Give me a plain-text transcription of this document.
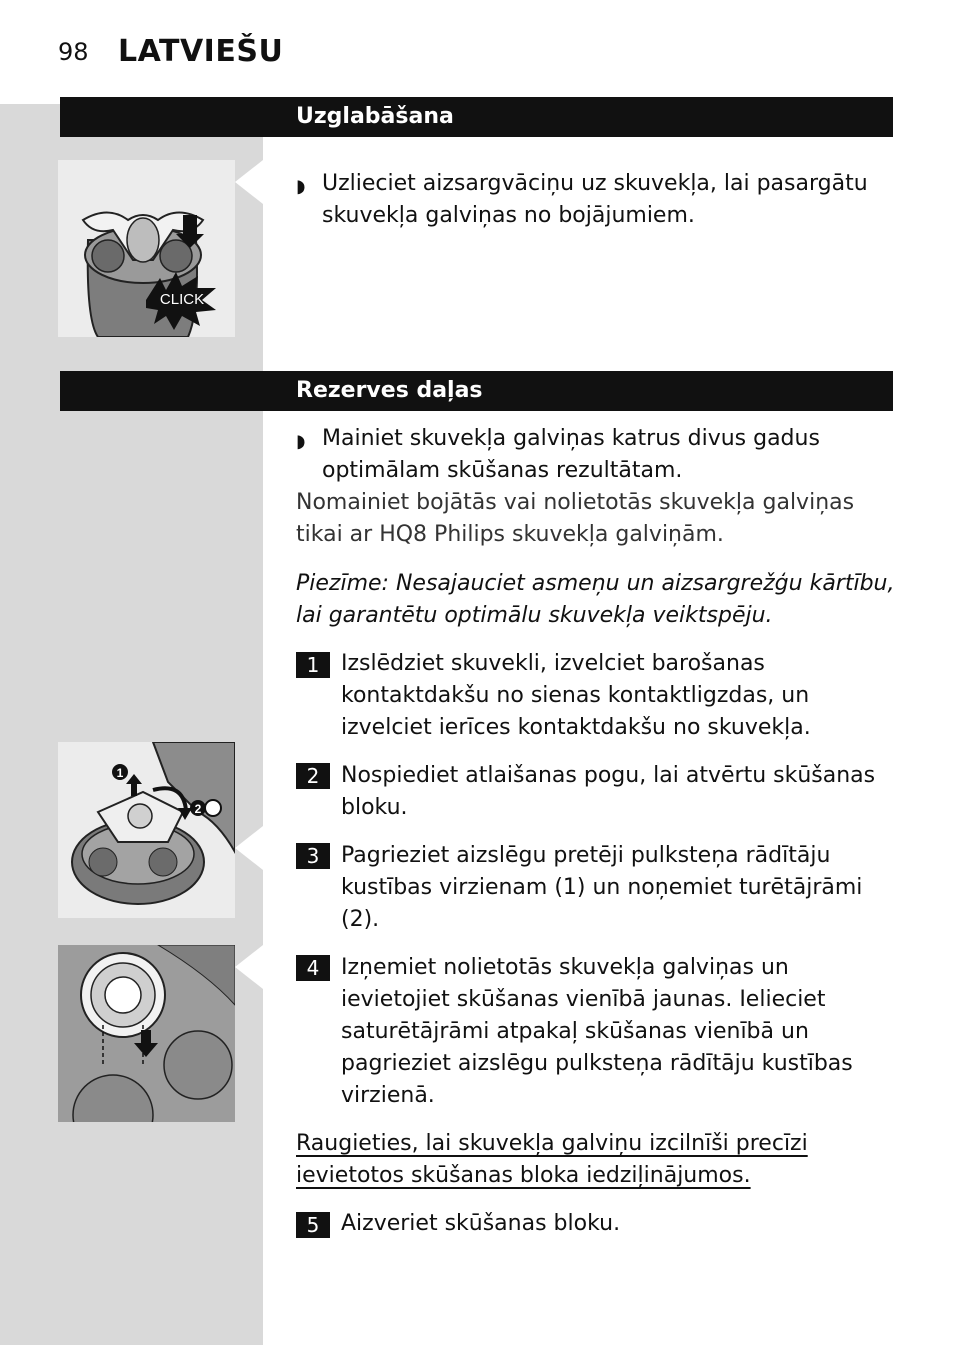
98 LATVIEŠU
Uzglabāšana
CLICK
◗ Uzlieciet aizsargvāciņu uz skuvekļa, lai pasargātu
skuvekļa galviņas no bojājumiem.
Rezerves daļas
◗ Mainiet skuvekļa galviņas katrus divus gadus
optimālam skūšanas rezultātam.
Nomainiet bojātās vai nolietotās skuvekļa galviņas
tikai ar HQ8 Philips skuvekļa galviņām.
Piezīme: Nesajauciet asmeņu un aizsargrežģu kārtību,
lai garantētu optimālu skuvekļa veiktspēju.
1 Izslēdziet skuvekli, izvelciet barošanas
kontaktdakšu no sienas kontaktligzdas, un
izvelciet ierīces kontaktdakšu no skuvekļa.
1
2
2 Nospiediet atlaišanas pogu, lai atvērtu skūšanas
bloku.
3 Pagrieziet aizslēgu pretēji pulksteņa rādītāju
kustības virzienam (1) un noņemiet turētājrāmi
(2).
4 Izņemiet nolietotās skuvekļa galviņas un
ievietojiet skūšanas vienībā jaunas. Ielieciet
saturētājrāmi atpakaļ skūšanas vienībā un
pagrieziet aizslēgu pulksteņa rādītāju kustības
virzienā.
Raugieties, lai skuvekļa galviņu izcilnīši precīzi
ievietotos skūšanas bloka iedziļinājumos.
5 Aizveriet skūšanas bloku.
